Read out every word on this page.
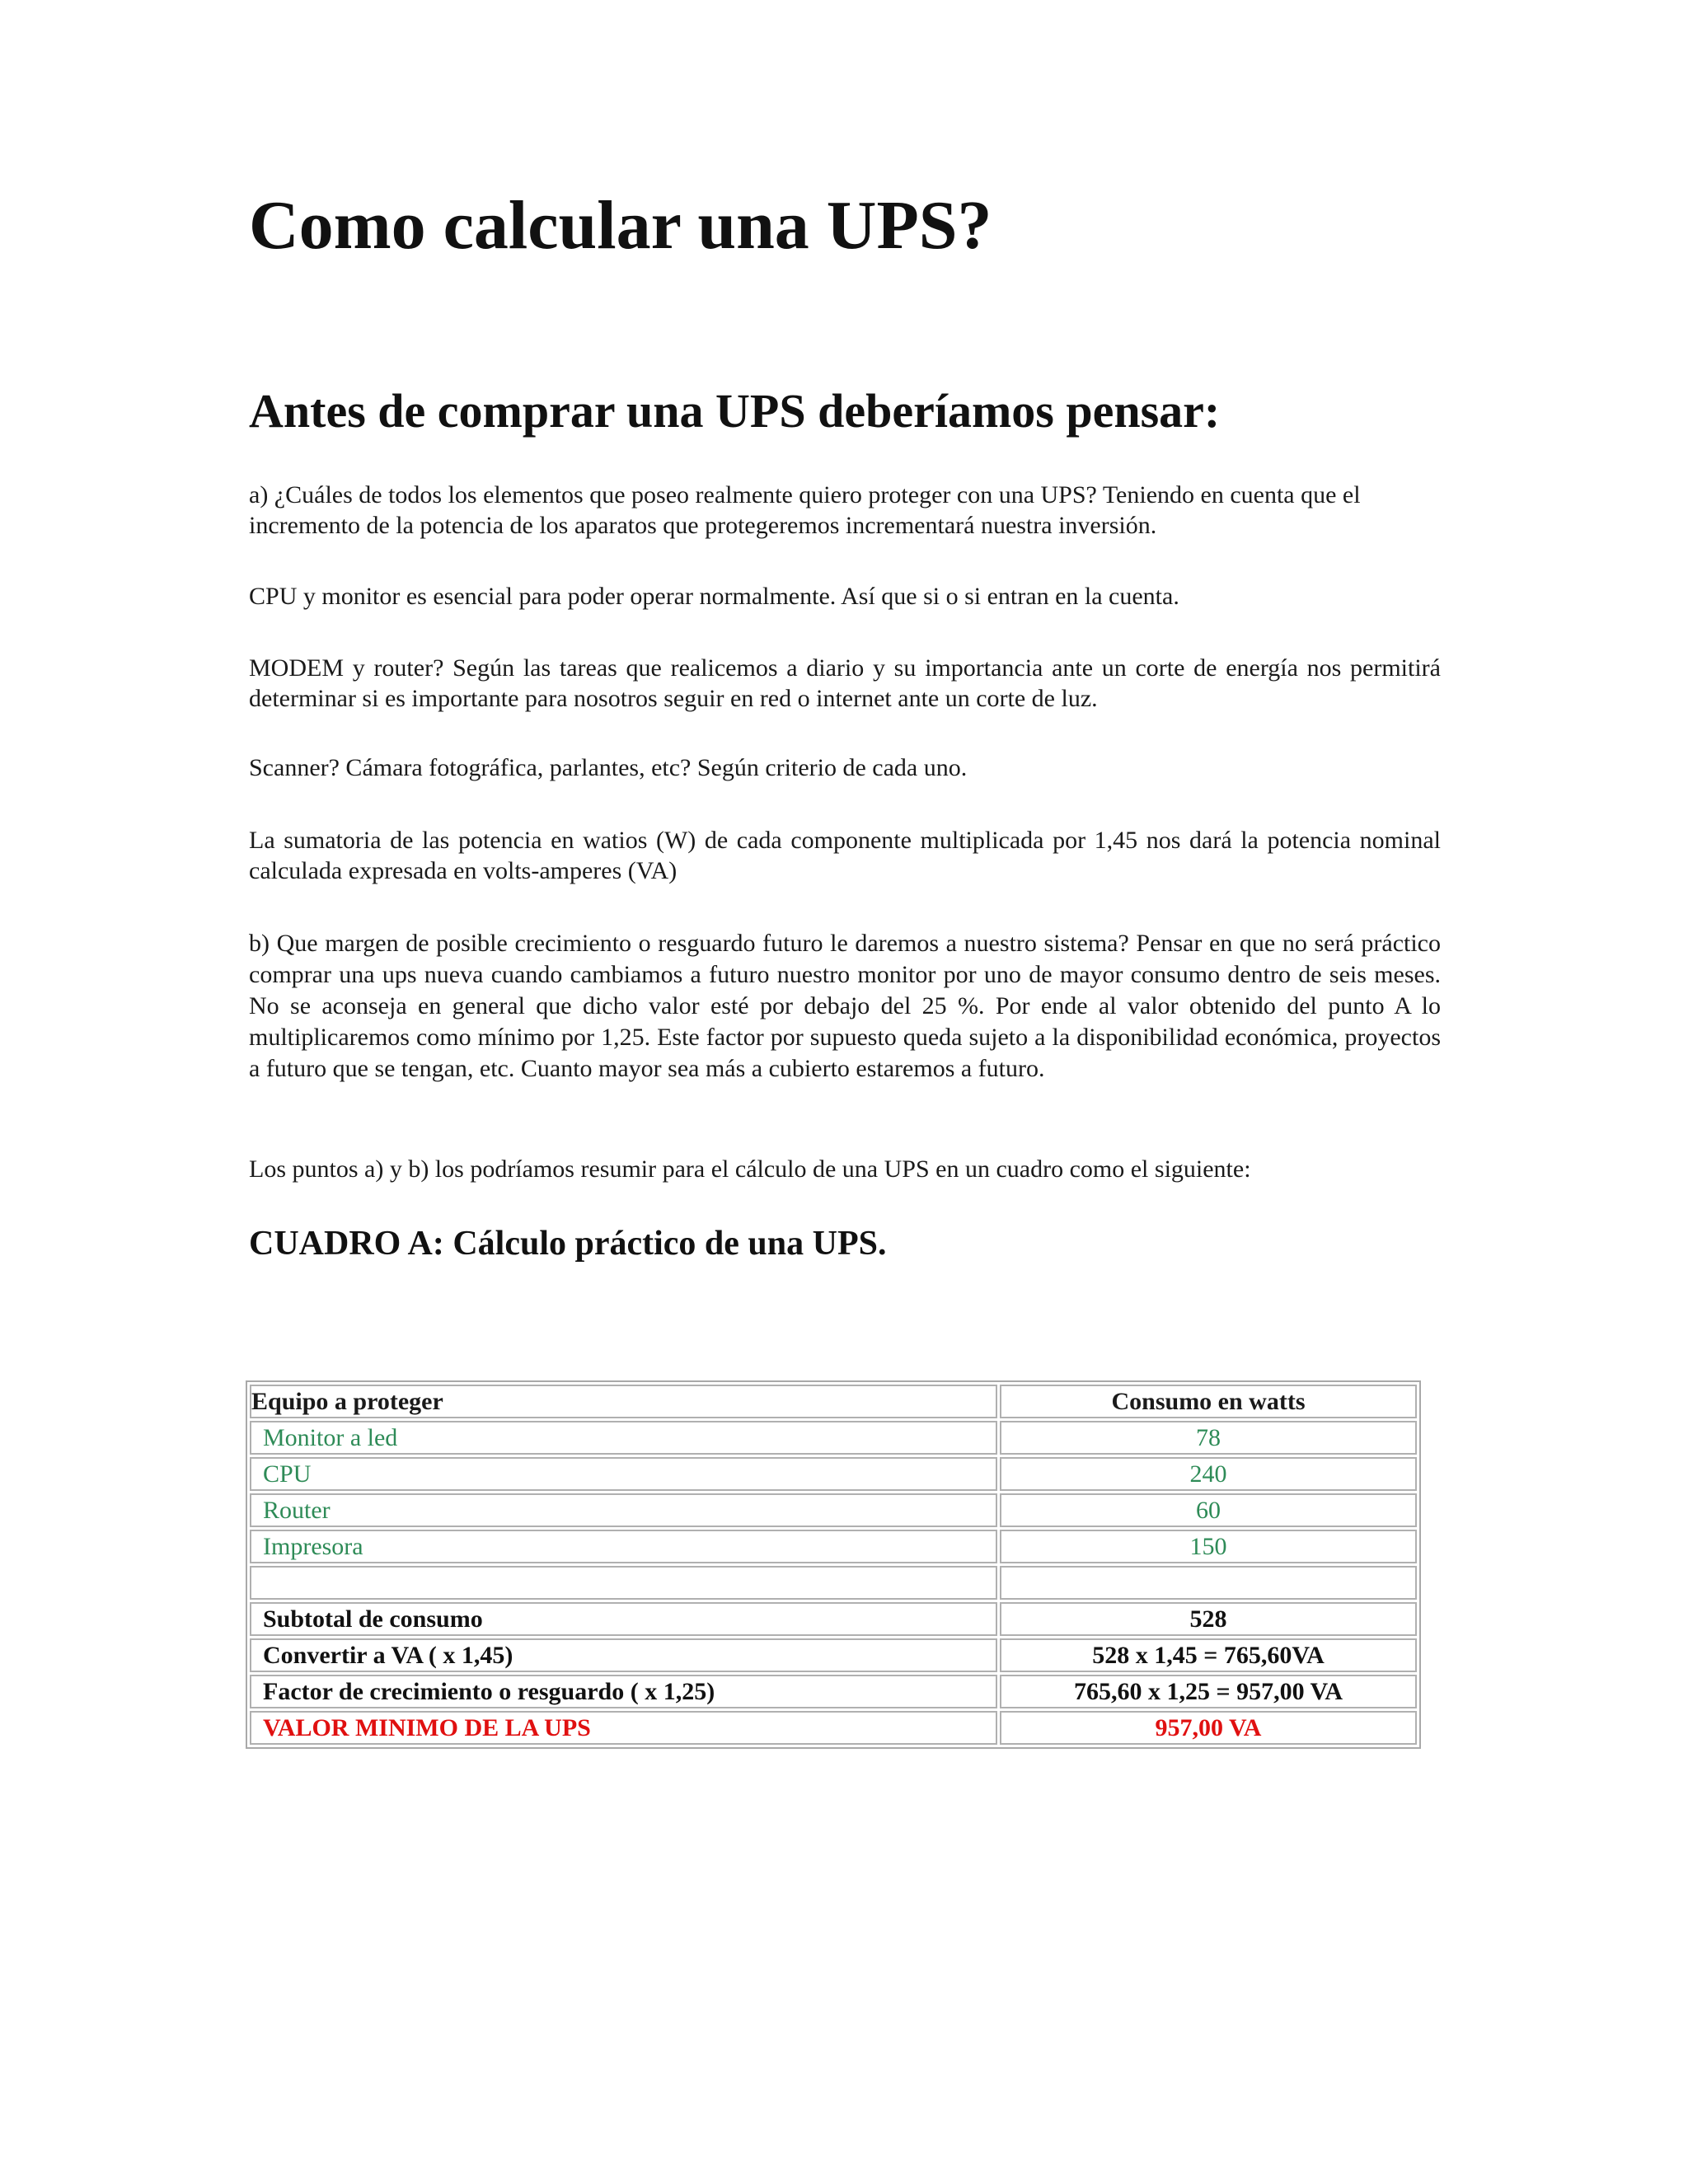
Como calcular una UPS?
Antes de comprar una UPS deberíamos pensar:

a) ¿Cuáles de todos los elementos que poseo realmente quiero proteger con una UPS? Teniendo en cuenta que el incremento de la potencia de los aparatos que protegeremos incrementará nuestra inversión.

CPU y monitor es esencial para poder operar normalmente. Así que si o si entran en la cuenta.

MODEM y router? Según las tareas que realicemos a diario y su importancia ante un corte de energía nos permitirá determinar si es importante para nosotros seguir en red o internet ante un corte de luz.

Scanner? Cámara fotográfica, parlantes, etc? Según criterio de cada uno.

La sumatoria de las potencia en watios (W) de cada componente multiplicada por 1,45 nos dará la potencia nominal calculada expresada en volts-amperes (VA)

b) Que margen de posible crecimiento o resguardo futuro le daremos a nuestro sistema? Pensar en que no será práctico comprar una ups nueva cuando cambiamos a futuro nuestro monitor por uno de mayor consumo dentro de seis meses. No se aconseja en general que dicho valor esté por debajo del 25 %. Por ende al valor obtenido del punto A lo multiplicaremos como mínimo por 1,25. Este factor por supuesto queda sujeto a la disponibilidad económica, proyectos a futuro que se tengan, etc. Cuanto mayor sea más a cubierto estaremos a futuro.

Los puntos a) y b) los podríamos resumir para el cálculo de una UPS en un cuadro como el siguiente:

CUADRO A: Cálculo práctico de una UPS.
Equipo a proteger	Consumo en watts
Monitor a led	78
CPU	240
Router	60
Impresora	150

Subtotal de consumo	528
Convertir a VA ( x 1,45)	528 x 1,45 = 765,60VA
Factor de crecimiento o resguardo ( x 1,25)	765,60 x 1,25 = 957,00 VA
VALOR MINIMO DE LA UPS	957,00 VA
